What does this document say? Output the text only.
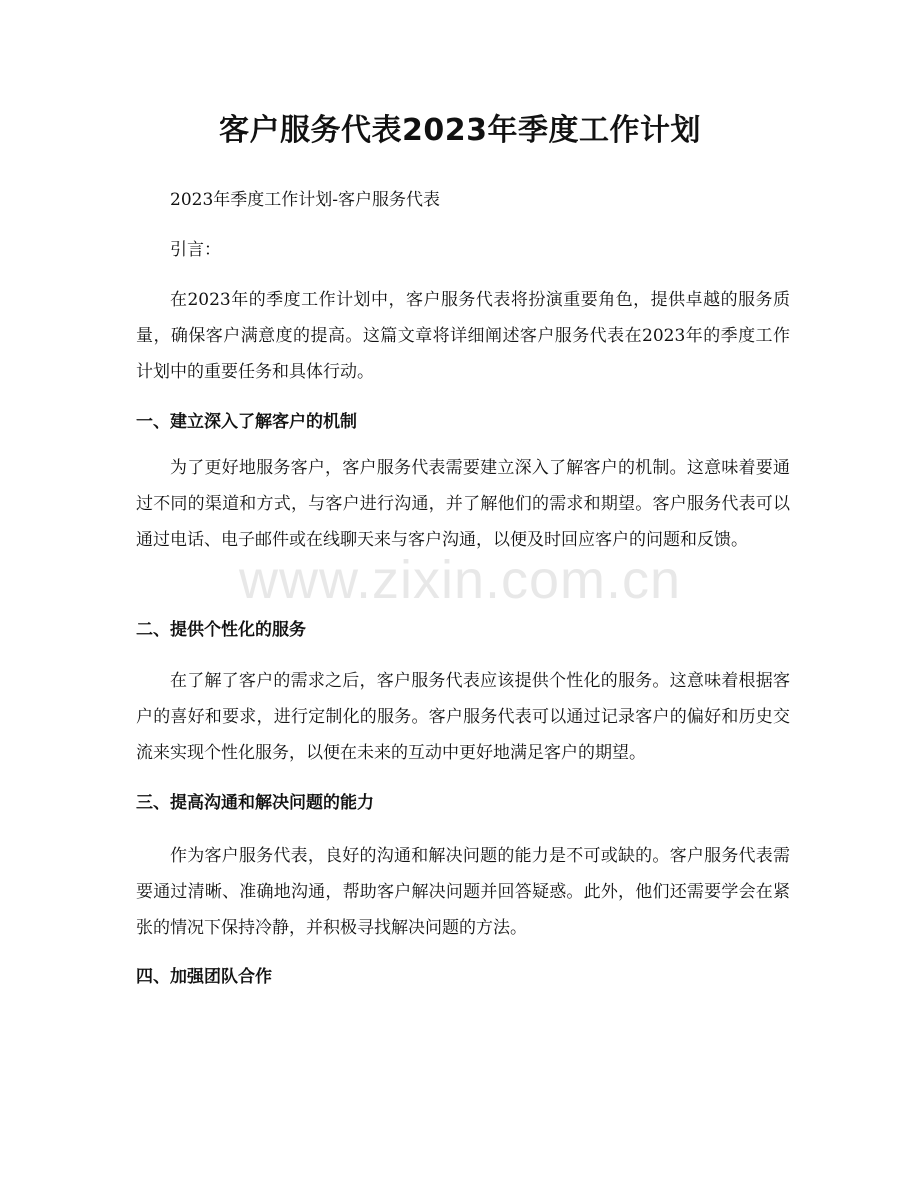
客户服务代表2023年季度工作计划

2023年季度工作计划-客户服务代表

引言：

在2023年的季度工作计划中，客户服务代表将扮演重要角色，提供卓越的服务质量，确保客户满意度的提高。这篇文章将详细阐述客户服务代表在2023年的季度工作计划中的重要任务和具体行动。

一、建立深入了解客户的机制

为了更好地服务客户，客户服务代表需要建立深入了解客户的机制。这意味着要通过不同的渠道和方式，与客户进行沟通，并了解他们的需求和期望。客户服务代表可以通过电话、电子邮件或在线聊天来与客户沟通，以便及时回应客户的问题和反馈。

二、提供个性化的服务

在了解了客户的需求之后，客户服务代表应该提供个性化的服务。这意味着根据客户的喜好和要求，进行定制化的服务。客户服务代表可以通过记录客户的偏好和历史交流来实现个性化服务，以便在未来的互动中更好地满足客户的期望。

三、提高沟通和解决问题的能力

作为客户服务代表，良好的沟通和解决问题的能力是不可或缺的。客户服务代表需要通过清晰、准确地沟通，帮助客户解决问题并回答疑惑。此外，他们还需要学会在紧张的情况下保持冷静，并积极寻找解决问题的方法。

四、加强团队合作
www.zixin.com.cn
